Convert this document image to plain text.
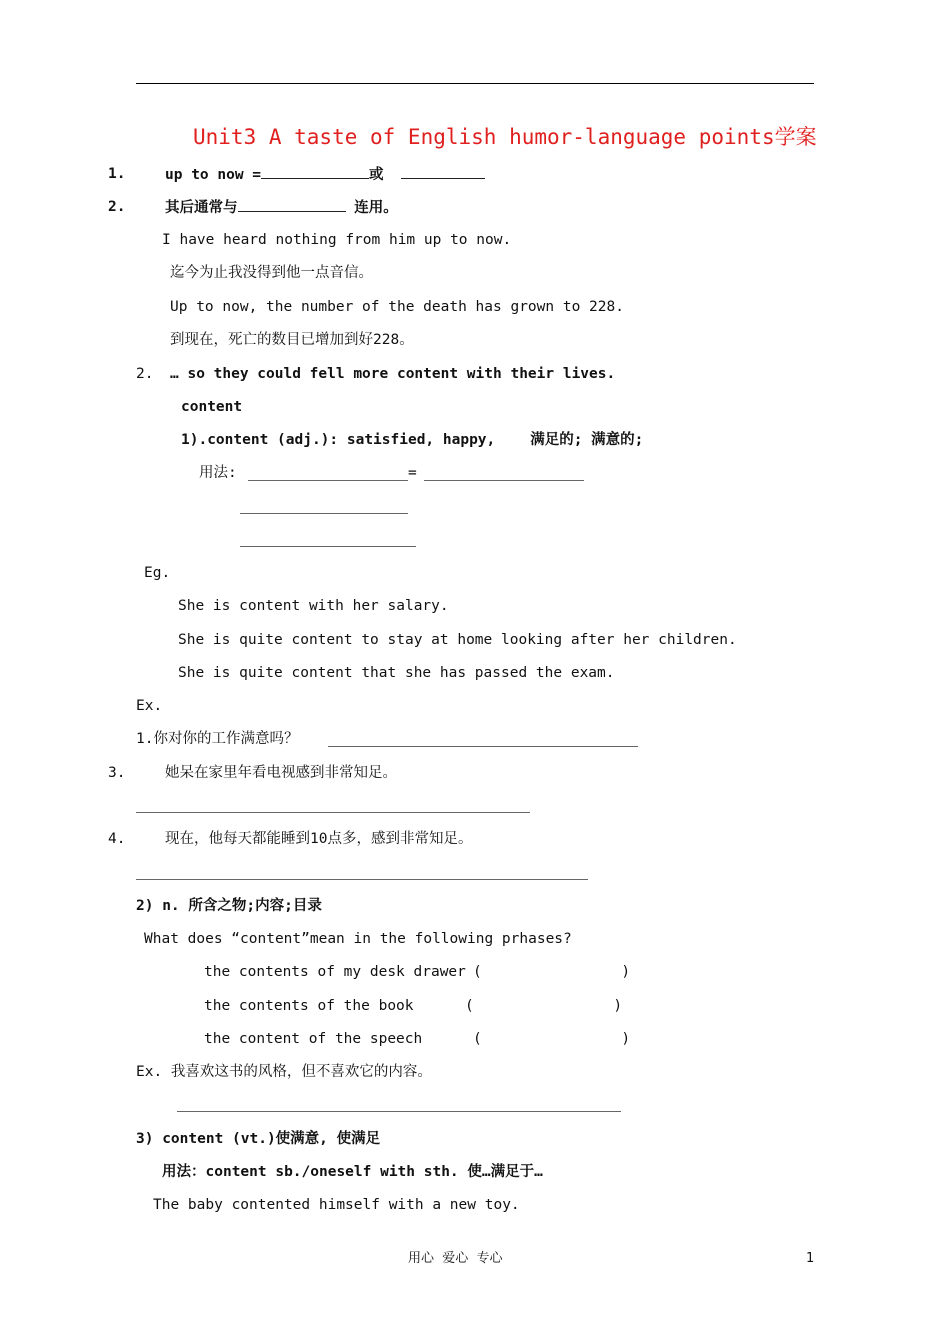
Unit3 A taste of English humor-language points学案
1.	up to now =	或
2.	其后通常与	连用。
I have heard nothing from him up to now.
迄今为止我没得到他一点音信。
Up to now, the number of the death has grown to 228.
到现在，死亡的数目已增加到好228。
2. … so they could fell more content with their lives.
content
1).content (adj.): satisfied, happy,    满足的; 满意的;
用法:	=
Eg.
She is content with her salary.
She is quite content to stay at home looking after her children.
She is quite content that she has passed the exam.
Ex.
1.你对你的工作满意吗？
3.	她呆在家里年看电视感到非常知足。
4.	现在，他每天都能睡到10点多，感到非常知足。
2) n. 所含之物;内容;目录
What does “content”mean in the following prhases?
the contents of my desk drawer (                )
the contents of the book	(                )
the content of the speech	(                )
Ex. 我喜欢这书的风格，但不喜欢它的内容。
3) content (vt.)使满意, 使满足
用法：content sb./oneself with sth. 使…满足于…
The baby contented himself with a new toy.
用心  爱心  专心	1
